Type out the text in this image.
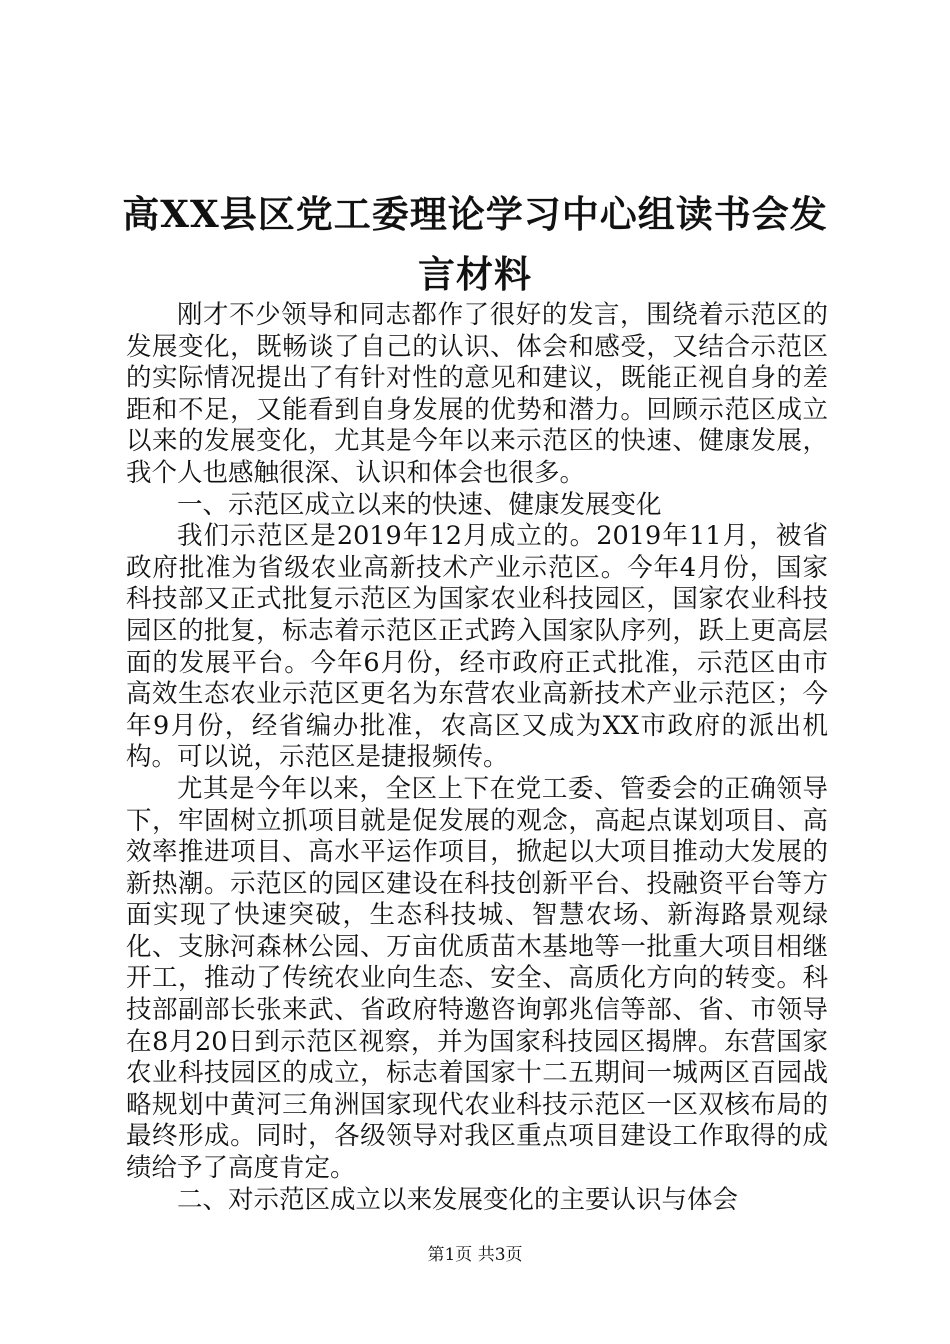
高XX县区党工委理论学习中心组读书会发言材料

刚才不少领导和同志都作了很好的发言，围绕着示范区的发展变化，既畅谈了自己的认识、体会和感受，又结合示范区的实际情况提出了有针对性的意见和建议，既能正视自身的差距和不足，又能看到自身发展的优势和潜力。回顾示范区成立以来的发展变化，尤其是今年以来示范区的快速、健康发展，我个人也感触很深、认识和体会也很多。

一、示范区成立以来的快速、健康发展变化

我们示范区是2019年12月成立的。2019年11月，被省政府批准为省级农业高新技术产业示范区。今年4月份，国家科技部又正式批复示范区为国家农业科技园区，国家农业科技园区的批复，标志着示范区正式跨入国家队序列，跃上更高层面的发展平台。今年6月份，经市政府正式批准，示范区由市高效生态农业示范区更名为东营农业高新技术产业示范区；今年9月份，经省编办批准，农高区又成为XX市政府的派出机构。可以说，示范区是捷报频传。

尤其是今年以来，全区上下在党工委、管委会的正确领导下，牢固树立抓项目就是促发展的观念，高起点谋划项目、高效率推进项目、高水平运作项目，掀起以大项目推动大发展的新热潮。示范区的园区建设在科技创新平台、投融资平台等方面实现了快速突破，生态科技城、智慧农场、新海路景观绿化、支脉河森林公园、万亩优质苗木基地等一批重大项目相继开工，推动了传统农业向生态、安全、高质化方向的转变。科技部副部长张来武、省政府特邀咨询郭兆信等部、省、市领导在8月20日到示范区视察，并为国家科技园区揭牌。东营国家农业科技园区的成立，标志着国家十二五期间一城两区百园战略规划中黄河三角洲国家现代农业科技示范区一区双核布局的最终形成。同时，各级领导对我区重点项目建设工作取得的成绩给予了高度肯定。

二、对示范区成立以来发展变化的主要认识与体会

第1页 共3页
